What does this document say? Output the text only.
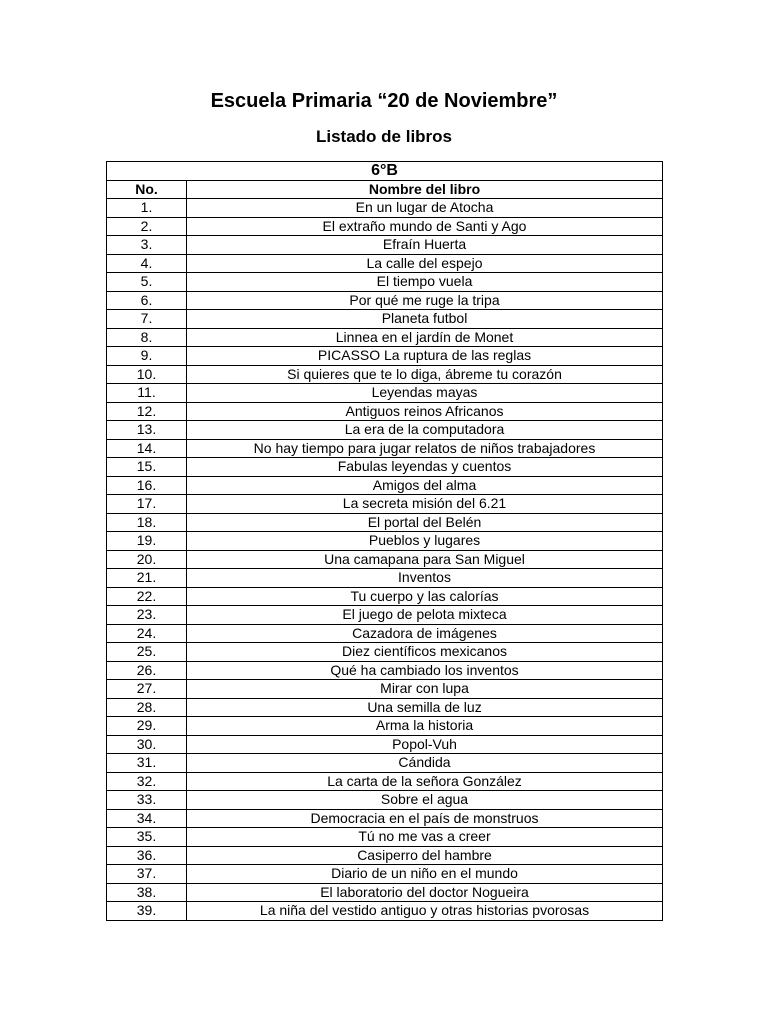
Escuela Primaria “20 de Noviembre”
Listado de libros
6°B	
No.	Nombre del libro
1.	En un lugar de Atocha
2.	El extraño mundo de Santi y Ago
3.	Efraín Huerta
4.	La calle del espejo
5.	El tiempo vuela
6.	Por qué me ruge la tripa
7.	Planeta futbol
8.	Linnea en el jardín de Monet
9.	PICASSO La ruptura de las reglas
10.	Si quieres que te lo diga, ábreme tu corazón
11.	Leyendas mayas
12.	Antiguos reinos Africanos
13.	La era de la computadora
14.	No hay tiempo para jugar relatos de niños trabajadores
15.	Fabulas leyendas y cuentos
16.	Amigos del alma
17.	La secreta misión del 6.21
18.	El portal del Belén
19.	Pueblos y lugares
20.	Una camapana para San Miguel
21.	Inventos
22.	Tu cuerpo y las calorías
23.	El juego de pelota mixteca
24.	Cazadora de imágenes
25.	Diez científicos mexicanos
26.	Qué ha cambiado los inventos
27.	Mirar con lupa
28.	Una semilla de luz
29.	Arma la historia
30.	Popol-Vuh
31.	Cándida
32.	La carta de la señora González
33.	Sobre el agua
34.	Democracia en el país de monstruos
35.	Tú no me vas a creer
36.	Casiperro del hambre
37.	Diario de un niño en el mundo
38.	El laboratorio del doctor Nogueira
39.	La niña del vestido antiguo y otras historias pvorosas
